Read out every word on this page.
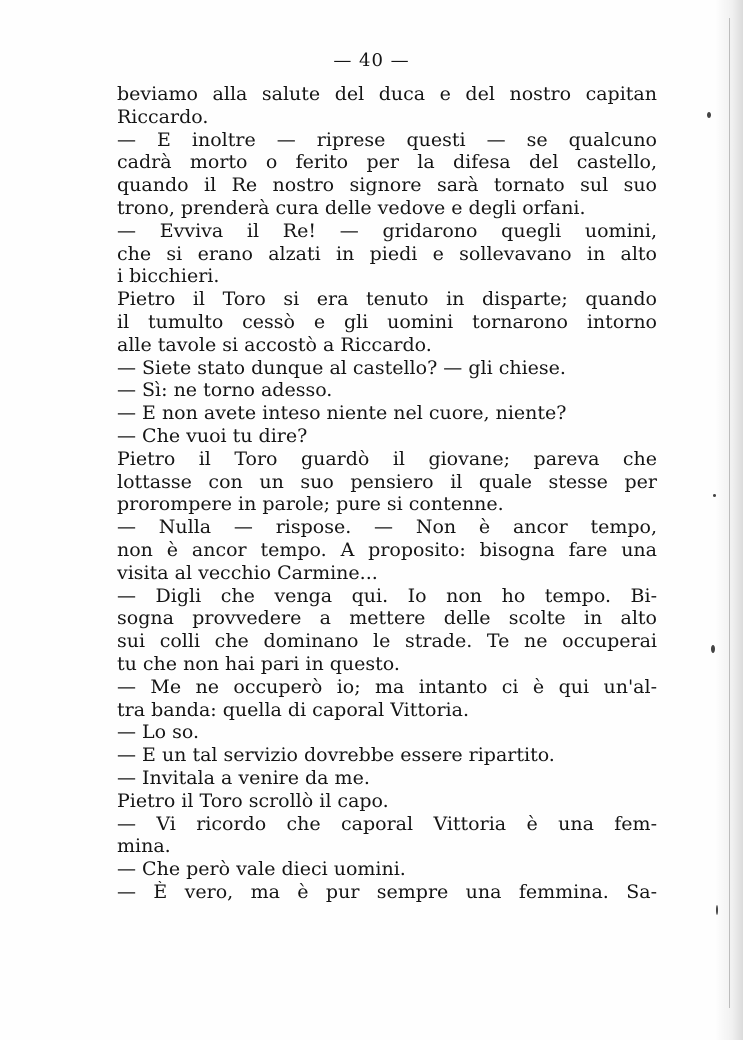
— 40 —
beviamo alla salute del duca e del nostro capitan
Riccardo.
— E inoltre — riprese questi — se qualcuno
cadrà morto o ferito per la difesa del castello,
quando il Re nostro signore sarà tornato sul suo
trono, prenderà cura delle vedove e degli orfani.
— Evviva il Re! — gridarono quegli uomini,
che si erano alzati in piedi e sollevavano in alto
i bicchieri.
Pietro il Toro si era tenuto in disparte; quando
il tumulto cessò e gli uomini tornarono intorno
alle tavole si accostò a Riccardo.
— Siete stato dunque al castello? — gli chiese.
— Sì: ne torno adesso.
— E non avete inteso niente nel cuore, niente?
— Che vuoi tu dire?
Pietro il Toro guardò il giovane; pareva che
lottasse con un suo pensiero il quale stesse per
prorompere in parole; pure si contenne.
— Nulla — rispose. — Non è ancor tempo,
non è ancor tempo. A proposito: bisogna fare una
visita al vecchio Carmine...
— Digli che venga qui. Io non ho tempo. Bi-
sogna provvedere a mettere delle scolte in alto
sui colli che dominano le strade. Te ne occuperai
tu che non hai pari in questo.
— Me ne occuperò io; ma intanto ci è qui un'al-
tra banda: quella di caporal Vittoria.
— Lo so.
— E un tal servizio dovrebbe essere ripartito.
— Invitala a venire da me.
Pietro il Toro scrollò il capo.
— Vi ricordo che caporal Vittoria è una fem-
mina.
— Che però vale dieci uomini.
— È vero, ma è pur sempre una femmina. Sa-
